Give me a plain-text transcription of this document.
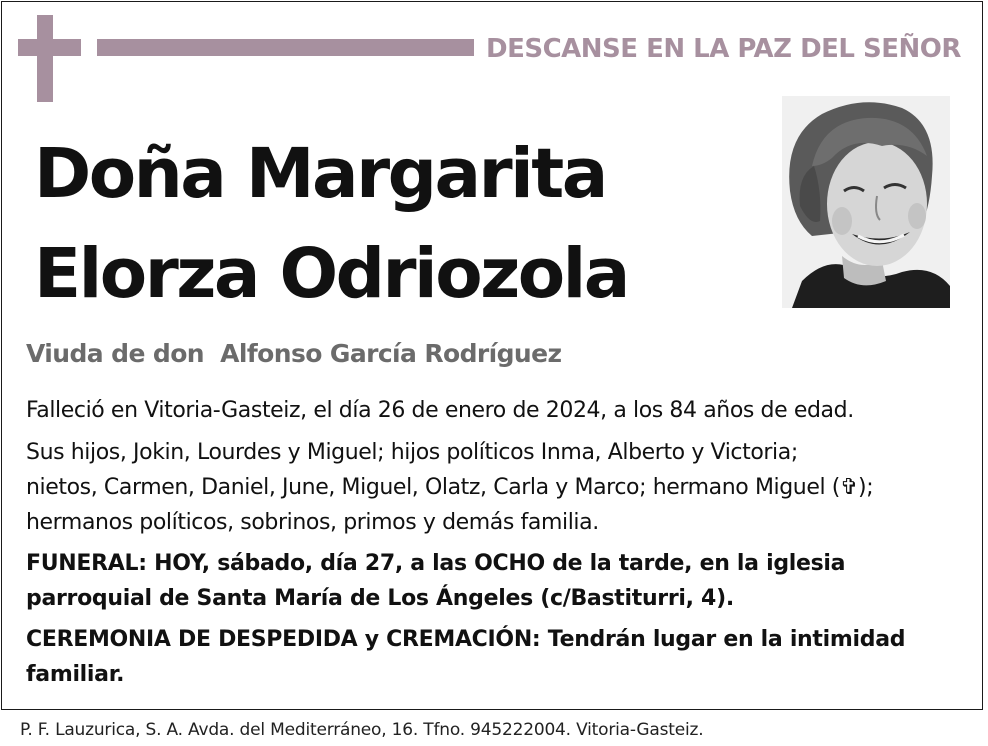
DESCANSE EN LA PAZ DEL SEÑOR
Doña Margarita
Elorza Odriozola
Viuda de don  Alfonso García Rodríguez

Falleció en Vitoria-Gasteiz, el día 26 de enero de 2024, a los 84 años de edad.

Sus hijos, Jokin, Lourdes y Miguel; hijos políticos Inma, Alberto y Victoria;

nietos, Carmen, Daniel, June, Miguel, Olatz, Carla y Marco; hermano Miguel (✞);

hermanos políticos, sobrinos, primos y demás familia.

FUNERAL: HOY, sábado, día 27, a las OCHO de la tarde, en la iglesia

parroquial de Santa María de Los Ángeles (c/Bastiturri, 4).

CEREMONIA DE DESPEDIDA y CREMACIÓN: Tendrán lugar en la intimidad

familiar.

P. F. Lauzurica, S. A. Avda. del Mediterráneo, 16. Tfno. 945222004. Vitoria-Gasteiz.
